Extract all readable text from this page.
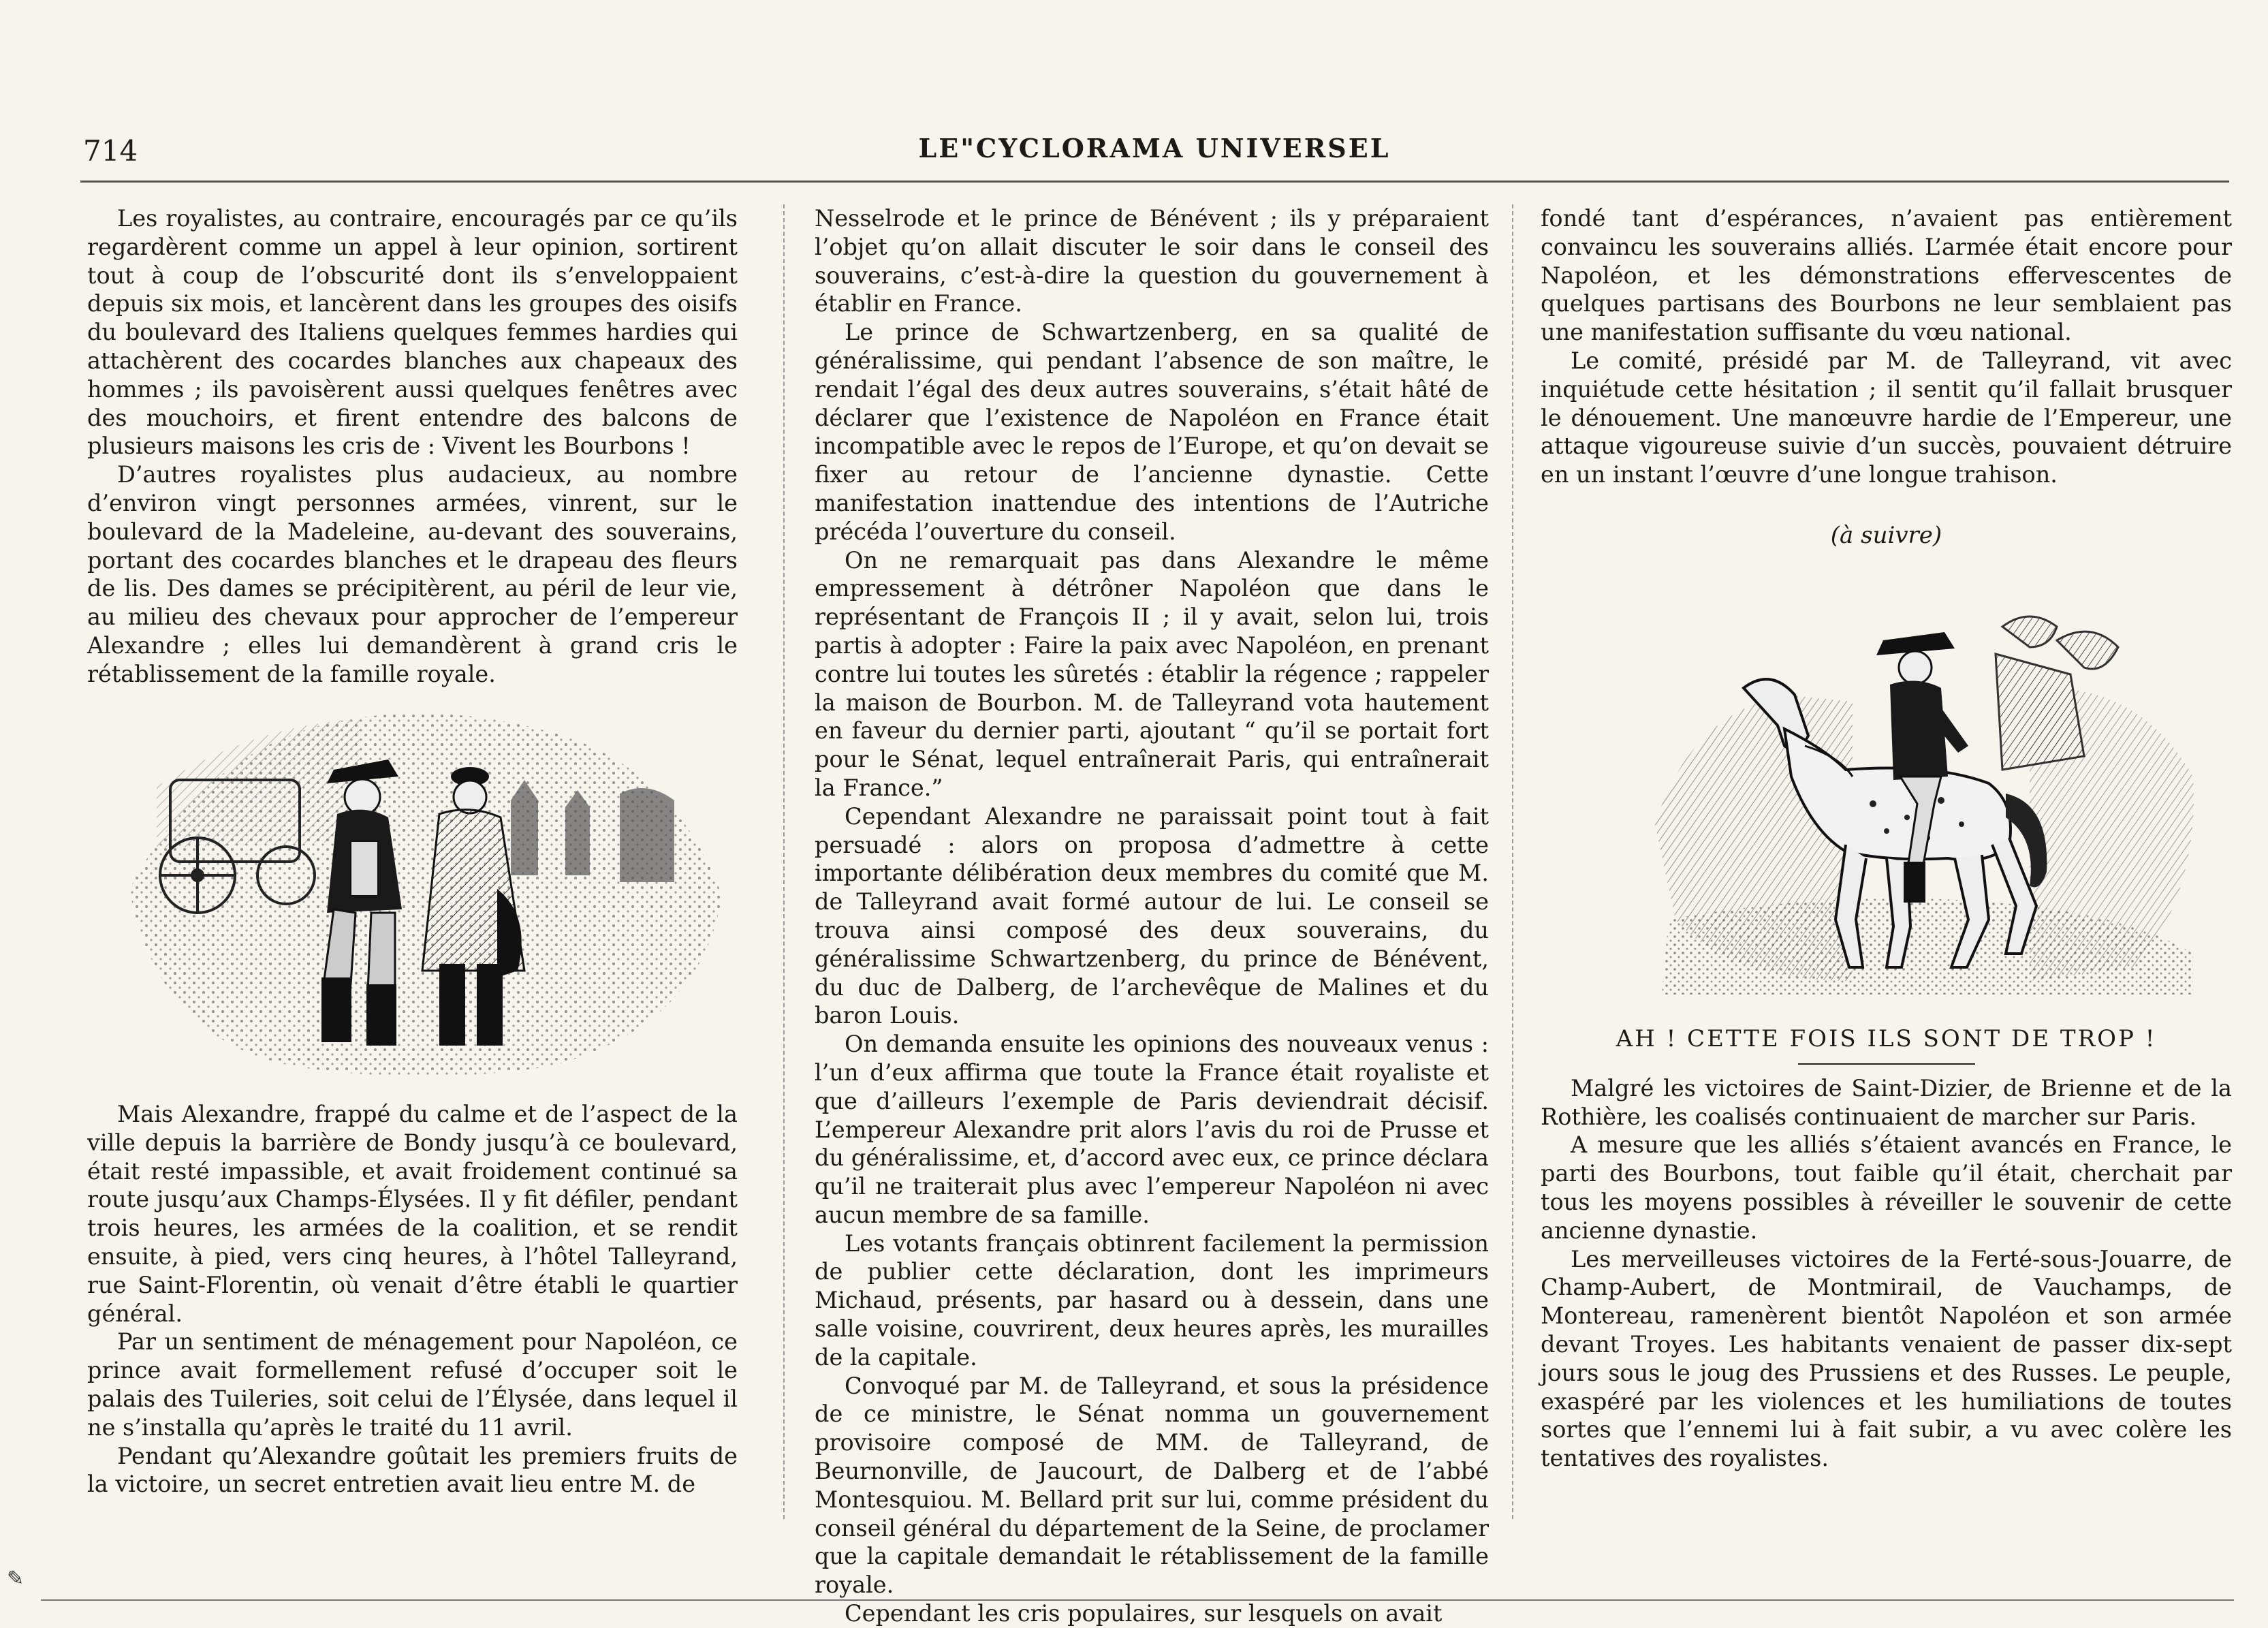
714	LE"CYCLORAMA UNIVERSEL

Les royalistes, au contraire, encouragés par ce qu’ils regardèrent comme un appel à leur opinion, sortirent tout à coup de l’obscurité dont ils s’enveloppaient depuis six mois, et lancèrent dans les groupes des oisifs du boulevard des Italiens quelques femmes hardies qui attachèrent des cocardes blanches aux chapeaux des hommes ; ils pavoisèrent aussi quelques fenêtres avec des mouchoirs, et firent entendre des balcons de plusieurs maisons les cris de : Vivent les Bourbons !

D’autres royalistes plus audacieux, au nombre d’environ vingt personnes armées, vinrent, sur le boulevard de la Madeleine, au-devant des souverains, portant des cocardes blanches et le drapeau des fleurs de lis. Des dames se précipitèrent, au péril de leur vie, au milieu des chevaux pour approcher de l’empereur Alexandre ; elles lui demandèrent à grand cris le rétablissement de la famille royale.

Mais Alexandre, frappé du calme et de l’aspect de la ville depuis la barrière de Bondy jusqu’à ce boulevard, était resté impassible, et avait froidement continué sa route jusqu’aux Champs-Élysées. Il y fit défiler, pendant trois heures, les armées de la coalition, et se rendit ensuite, à pied, vers cinq heures, à l’hôtel Talleyrand, rue Saint-Florentin, où venait d’être établi le quartier général.

Par un sentiment de ménagement pour Napoléon, ce prince avait formellement refusé d’occuper soit le palais des Tuileries, soit celui de l’Élysée, dans lequel il ne s’installa qu’après le traité du 11 avril.

Pendant qu’Alexandre goûtait les premiers fruits de la victoire, un secret entretien avait lieu entre M. de

Nesselrode et le prince de Bénévent ; ils y préparaient l’objet qu’on allait discuter le soir dans le conseil des souverains, c’est-à-dire la question du gouvernement à établir en France.

Le prince de Schwartzenberg, en sa qualité de généralissime, qui pendant l’absence de son maître, le rendait l’égal des deux autres souverains, s’était hâté de déclarer que l’existence de Napoléon en France était incompatible avec le repos de l’Europe, et qu’on devait se fixer au retour de l’ancienne dynastie. Cette manifestation inattendue des intentions de l’Autriche précéda l’ouverture du conseil.

On ne remarquait pas dans Alexandre le même empressement à détrôner Napoléon que dans le représentant de François II ; il y avait, selon lui, trois partis à adopter : Faire la paix avec Napoléon, en prenant contre lui toutes les sûretés : établir la régence ; rappeler la maison de Bourbon. M. de Talleyrand vota hautement en faveur du dernier parti, ajoutant “ qu’il se portait fort pour le Sénat, lequel entraînerait Paris, qui entraînerait la France.”

Cependant Alexandre ne paraissait point tout à fait persuadé : alors on proposa d’admettre à cette importante délibération deux membres du comité que M. de Talleyrand avait formé autour de lui. Le conseil se trouva ainsi composé des deux souverains, du généralissime Schwartzenberg, du prince de Bénévent, du duc de Dalberg, de l’archevêque de Malines et du baron Louis.

On demanda ensuite les opinions des nouveaux venus : l’un d’eux affirma que toute la France était royaliste et que d’ailleurs l’exemple de Paris deviendrait décisif. L’empereur Alexandre prit alors l’avis du roi de Prusse et du généralissime, et, d’accord avec eux, ce prince déclara qu’il ne traiterait plus avec l’empereur Napoléon ni avec aucun membre de sa famille.

Les votants français obtinrent facilement la permission de publier cette déclaration, dont les imprimeurs Michaud, présents, par hasard ou à dessein, dans une salle voisine, couvrirent, deux heures après, les murailles de la capitale.

Convoqué par M. de Talleyrand, et sous la présidence de ce ministre, le Sénat nomma un gouvernement provisoire composé de MM. de Talleyrand, de Beurnonville, de Jaucourt, de Dalberg et de l’abbé Montesquiou. M. Bellard prit sur lui, comme président du conseil général du département de la Seine, de proclamer que la capitale demandait le rétablissement de la famille royale.

Cependant les cris populaires, sur lesquels on avait

fondé tant d’espérances, n’avaient pas entièrement convaincu les souverains alliés. L’armée était encore pour Napoléon, et les démonstrations effervescentes de quelques partisans des Bourbons ne leur semblaient pas une manifestation suffisante du vœu national.

Le comité, présidé par M. de Talleyrand, vit avec inquiétude cette hésitation ; il sentit qu’il fallait brusquer le dénouement. Une manœuvre hardie de l’Empereur, une attaque vigoureuse suivie d’un succès, pouvaient détruire en un instant l’œuvre d’une longue trahison.

(à suivre)
AH ! CETTE FOIS ILS SONT DE TROP !

Malgré les victoires de Saint-Dizier, de Brienne et de la Rothière, les coalisés continuaient de marcher sur Paris.

A mesure que les alliés s’étaient avancés en France, le parti des Bourbons, tout faible qu’il était, cherchait par tous les moyens possibles à réveiller le souvenir de cette ancienne dynastie.

Les merveilleuses victoires de la Ferté-sous-Jouarre, de Champ-Aubert, de Montmirail, de Vauchamps, de Montereau, ramenèrent bientôt Napoléon et son armée devant Troyes. Les habitants venaient de passer dix-sept jours sous le joug des Prussiens et des Russes. Le peuple, exaspéré par les violences et les humiliations de toutes sortes que l’ennemi lui à fait subir, a vu avec colère les tentatives des royalistes.

✎
